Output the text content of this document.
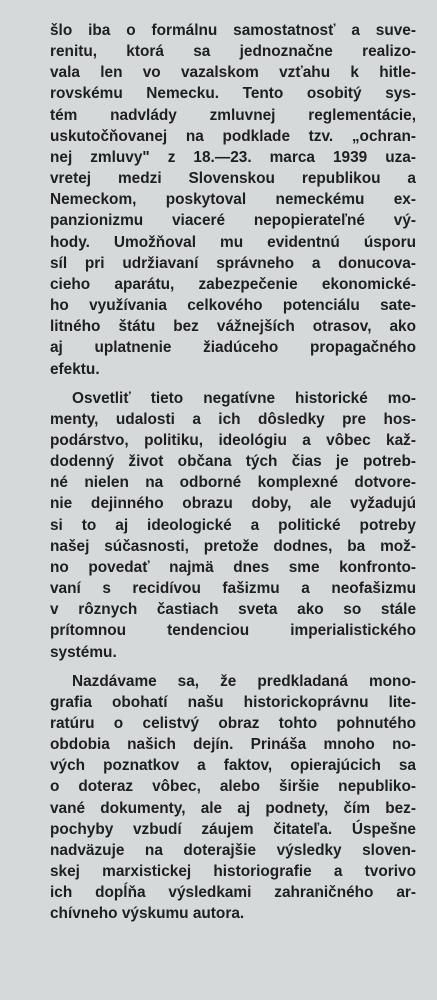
šlo iba o formálnu samostatnosť a suve-
renitu, ktorá sa jednoznačne realizo-
vala len vo vazalskom vzťahu k hitle-
rovskému Nemecku. Tento osobitý sys-
tém nadvlády zmluvnej reglementácie,
uskutočňovanej na podklade tzv. „ochran-
nej zmluvy" z 18.—23. marca 1939 uza-
vretej medzi Slovenskou republikou a
Nemeckom, poskytoval nemeckému ex-
panzionizmu viaceré nepopierateľné vý-
hody. Umožňoval mu evidentnú úsporu
síl pri udržiavaní správneho a donucova-
cieho aparátu, zabezpečenie ekonomické-
ho využívania celkového potenciálu sate-
litného štátu bez vážnejších otrasov, ako
aj uplatnenie žiadúceho propagačného
efektu.
Osvetliť tieto negatívne historické mo-
menty, udalosti a ich dôsledky pre hos-
podárstvo, politiku, ideológiu a vôbec kaž-
dodenný život občana tých čias je potreb-
né nielen na odborné komplexné dotvore-
nie dejinného obrazu doby, ale vyžadujú
si to aj ideologické a politické potreby
našej súčasnosti, pretože dodnes, ba mož-
no povedať najmä dnes sme konfronto-
vaní s recidívou fašizmu a neofašizmu
v rôznych častiach sveta ako so stále
prítomnou tendenciou imperialistického
systému.
Nazdávame sa, že predkladaná mono-
grafia obohatí našu historickoprávnu lite-
ratúru o celistvý obraz tohto pohnutého
obdobia našich dejín. Prináša mnoho no-
vých poznatkov a faktov, opierajúcich sa
o doteraz vôbec, alebo širšie nepubliko-
vané dokumenty, ale aj podnety, čím bez-
pochyby vzbudí záujem čitateľa. Úspešne
nadväzuje na doterajšie výsledky sloven-
skej marxistickej historiografie a tvorivo
ich dopĺňa výsledkami zahraničného ar-
chívneho výskumu autora.
